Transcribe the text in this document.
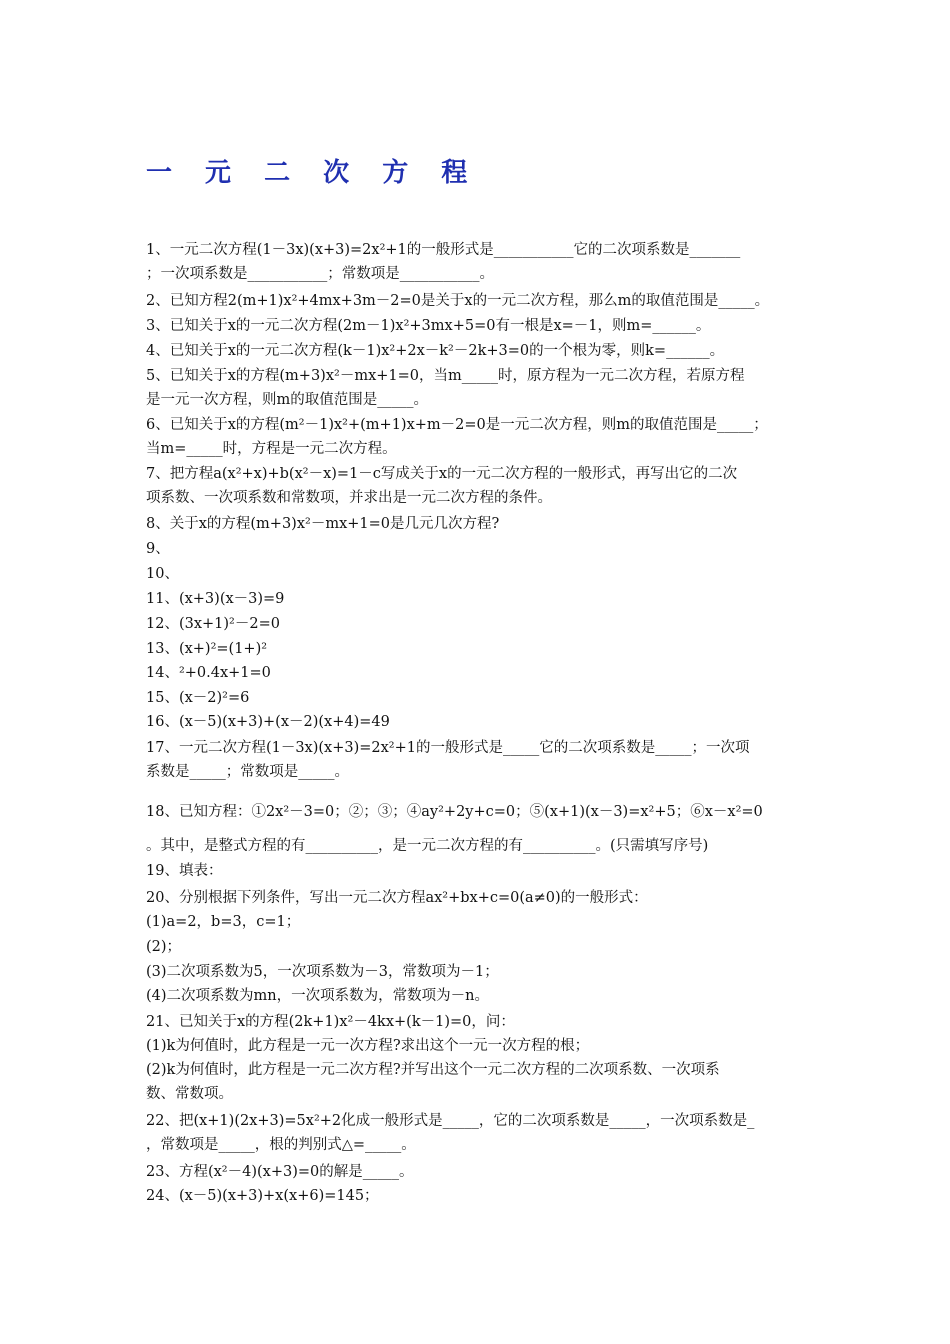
一 元 二 次 方 程
1、一元二次方程(1－3x)(x+3)=2x²+1的一般形式是___________它的二次项系数是_______
；一次项系数是___________；常数项是___________。
2、已知方程2(m+1)x²+4mx+3m－2=0是关于x的一元二次方程，那么m的取值范围是_____。
3、已知关于x的一元二次方程(2m－1)x²+3mx+5=0有一根是x=－1，则m=______。
4、已知关于x的一元二次方程(k－1)x²+2x－k²－2k+3=0的一个根为零，则k=______。
5、已知关于x的方程(m+3)x²－mx+1=0，当m_____时，原方程为一元二次方程，若原方程
是一元一次方程，则m的取值范围是_____。
6、已知关于x的方程(m²－1)x²+(m+1)x+m－2=0是一元二次方程，则m的取值范围是_____；
当m=_____时，方程是一元二次方程。
7、把方程a(x²+x)+b(x²－x)=1－c写成关于x的一元二次方程的一般形式，再写出它的二次
项系数、一次项系数和常数项，并求出是一元二次方程的条件。
8、关于x的方程(m+3)x²－mx+1=0是几元几次方程?
9、
10、
11、(x+3)(x－3)=9
12、(3x+1)²－2=0
13、(x+)²=(1+)²
14、²+0.4x+1=0
15、(x－2)²=6
16、(x－5)(x+3)+(x－2)(x+4)=49
17、一元二次方程(1－3x)(x+3)=2x²+1的一般形式是_____它的二次项系数是_____；一次项
系数是_____；常数项是_____。
18、已知方程：①2x²－3=0；②；③；④ay²+2y+c=0；⑤(x+1)(x－3)=x²+5；⑥x－x²=0
。其中，是整式方程的有__________，是一元二次方程的有__________。(只需填写序号)
19、填表：
20、分别根据下列条件，写出一元二次方程ax²+bx+c=0(a≠0)的一般形式：
(1)a=2，b=3，c=1；
(2)；
(3)二次项系数为5，一次项系数为－3，常数项为－1；
(4)二次项系数为mn，一次项系数为，常数项为－n。
21、已知关于x的方程(2k+1)x²－4kx+(k－1)=0，问：
(1)k为何值时，此方程是一元一次方程?求出这个一元一次方程的根；
(2)k为何值时，此方程是一元二次方程?并写出这个一元二次方程的二次项系数、一次项系
数、常数项。
22、把(x+1)(2x+3)=5x²+2化成一般形式是_____，它的二次项系数是_____，一次项系数是_
，常数项是_____，根的判别式△=_____。
23、方程(x²－4)(x+3)=0的解是_____。
24、(x－5)(x+3)+x(x+6)=145；
